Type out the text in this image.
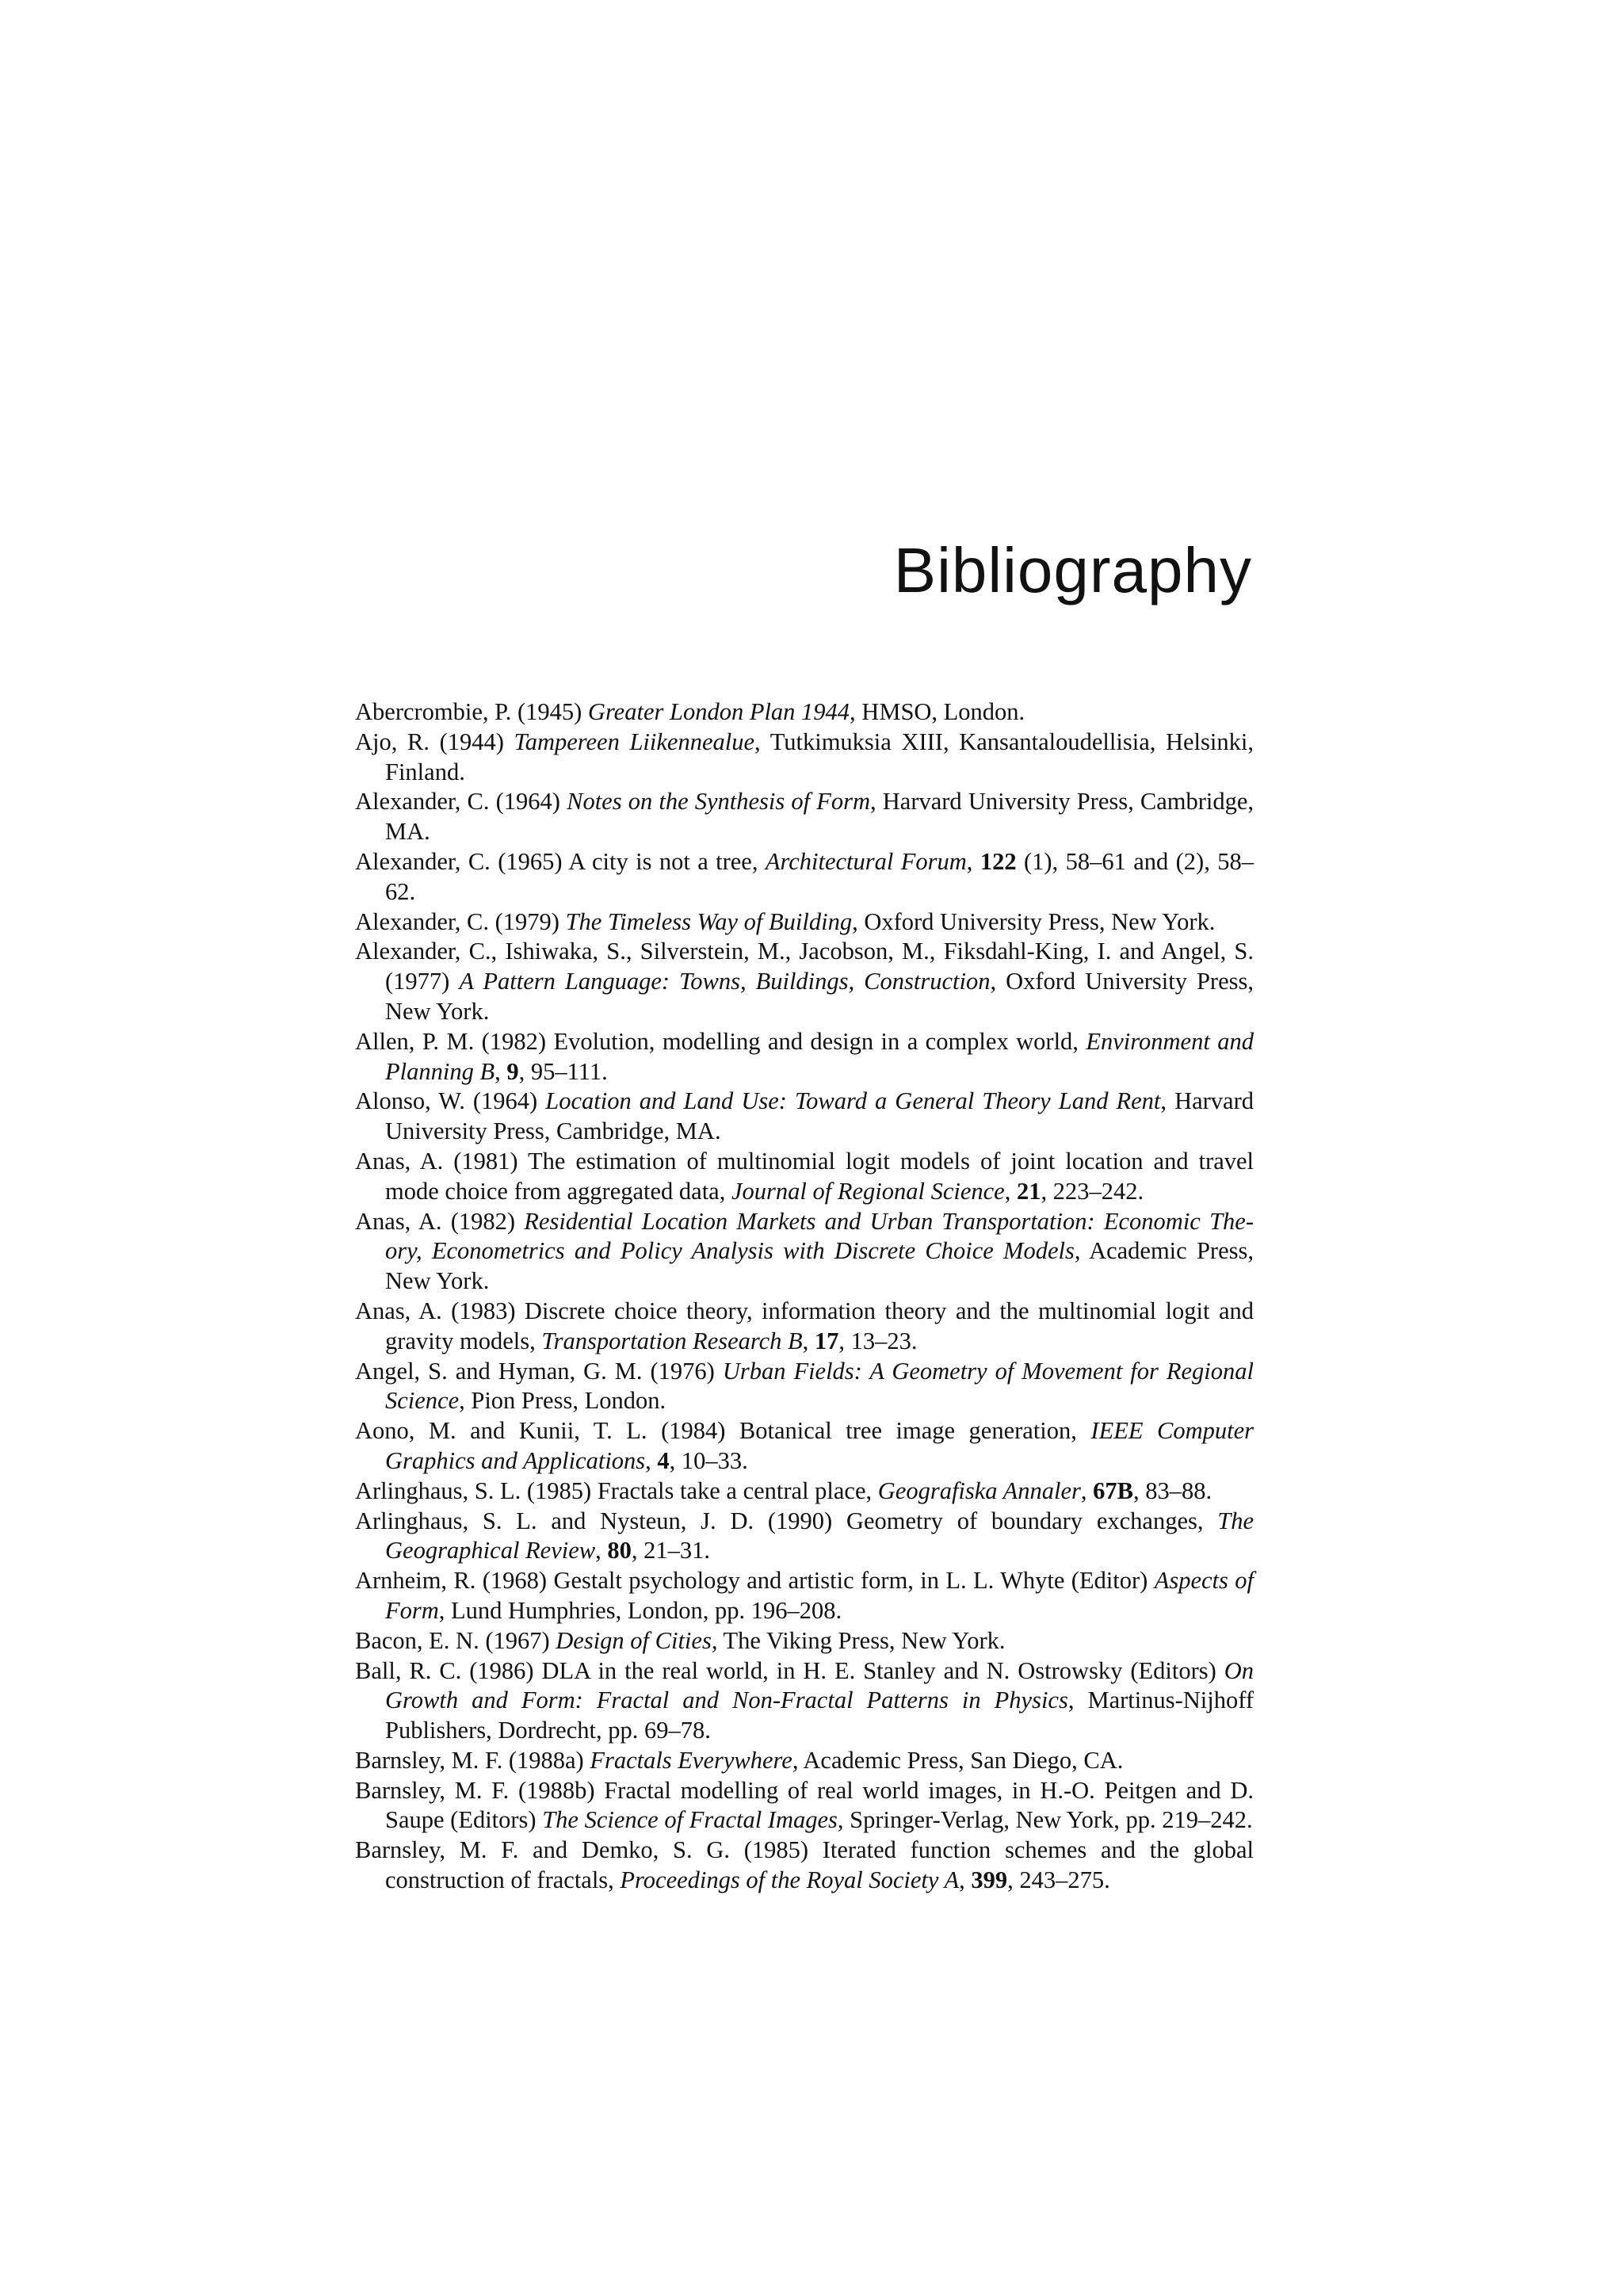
Bibliography
Abercrombie, P. (1945) Greater London Plan 1944, HMSO, London.
Ajo, R. (1944) Tampereen Liikennealue, Tutkimuksia XIII, Kansantaloudellisia, Helsinki, Finland.
Alexander, C. (1964) Notes on the Synthesis of Form, Harvard University Press, Cambridge, MA.
Alexander, C. (1965) A city is not a tree, Architectural Forum, 122 (1), 58–61 and (2), 58–62.
Alexander, C. (1979) The Timeless Way of Building, Oxford University Press, New York.
Alexander, C., Ishiwaka, S., Silverstein, M., Jacobson, M., Fiksdahl-King, I. and Angel, S. (1977) A Pattern Language: Towns, Buildings, Construction, Oxford University Press, New York.
Allen, P. M. (1982) Evolution, modelling and design in a complex world, Environment and Planning B, 9, 95–111.
Alonso, W. (1964) Location and Land Use: Toward a General Theory Land Rent, Harvard University Press, Cambridge, MA.
Anas, A. (1981) The estimation of multinomial logit models of joint location and travel mode choice from aggregated data, Journal of Regional Science, 21, 223–242.
Anas, A. (1982) Residential Location Markets and Urban Transportation: Economic Theory, Econometrics and Policy Analysis with Discrete Choice Models, Academic Press, New York.
Anas, A. (1983) Discrete choice theory, information theory and the multinomial logit and gravity models, Transportation Research B, 17, 13–23.
Angel, S. and Hyman, G. M. (1976) Urban Fields: A Geometry of Movement for Regional Science, Pion Press, London.
Aono, M. and Kunii, T. L. (1984) Botanical tree image generation, IEEE Computer Graphics and Applications, 4, 10–33.
Arlinghaus, S. L. (1985) Fractals take a central place, Geografiska Annaler, 67B, 83–88.
Arlinghaus, S. L. and Nysteun, J. D. (1990) Geometry of boundary exchanges, The Geographical Review, 80, 21–31.
Arnheim, R. (1968) Gestalt psychology and artistic form, in L. L. Whyte (Editor) Aspects of Form, Lund Humphries, London, pp. 196–208.
Bacon, E. N. (1967) Design of Cities, The Viking Press, New York.
Ball, R. C. (1986) DLA in the real world, in H. E. Stanley and N. Ostrowsky (Editors) On Growth and Form: Fractal and Non-Fractal Patterns in Physics, Martinus-Nijhoff Publishers, Dordrecht, pp. 69–78.
Barnsley, M. F. (1988a) Fractals Everywhere, Academic Press, San Diego, CA.
Barnsley, M. F. (1988b) Fractal modelling of real world images, in H.-O. Peitgen and D. Saupe (Editors) The Science of Fractal Images, Springer-Verlag, New York, pp. 219–242.
Barnsley, M. F. and Demko, S. G. (1985) Iterated function schemes and the global construction of fractals, Proceedings of the Royal Society A, 399, 243–275.
